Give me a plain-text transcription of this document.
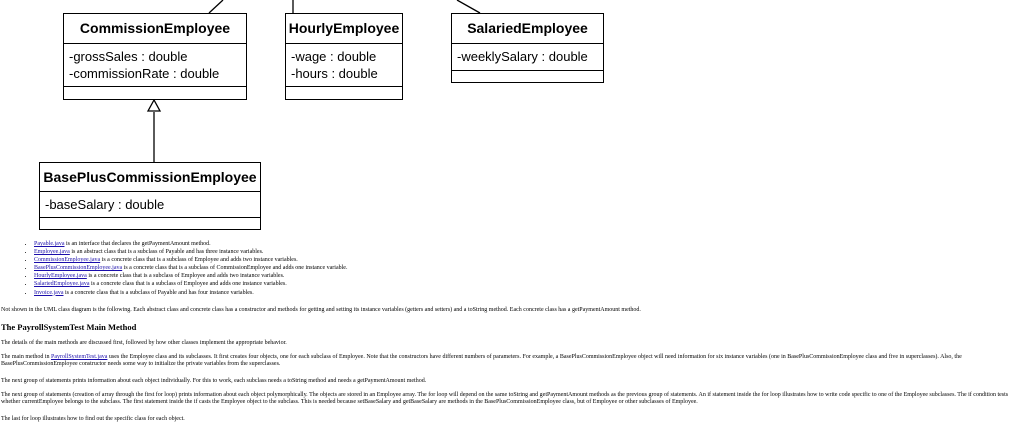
CommissionEmployee
-grossSales : double
-commissionRate : double
HourlyEmployee
-wage : double
-hours : double
SalariedEmployee
-weeklySalary : double
BasePlusCommissionEmployee
-baseSalary : double
• Payable.java is an interface that declares the getPaymentAmount method.
• Employee.java is an abstract class that is a subclass of Payable and has three instance variables.
• CommissionEmployee.java is a concrete class that is a subclass of Employee and adds two instance variables.
• BasePlusCommissionEmployee.java is a concrete class that is a subclass of CommissionEmployee and adds one instance variable.
• HourlyEmployee.java is a concrete class that is a subclass of Employee and adds two instance variables.
• SalariedEmployee.java is a concrete class that is a subclass of Employee and adds one instance variables.
• Invoice.java is a concrete class that is a subclass of Payable and has four instance variables.

Not shown in the UML class diagram is the following. Each abstract class and concrete class has a constructor and methods for getting and setting its instance variables (getters and setters) and a toString method. Each concrete class has a getPaymentAmount method.

The PayrollSystemTest Main Method

The details of the main methods are discussed first, followed by how other classes implement the appropriate behavior.

The main method in PayrollSystemTest.java uses the Employee class and its subclasses. It first creates four objects, one for each subclass of Employee. Note that the constructors have different numbers of parameters. For example, a BasePlusCommissionEmployee object will need information for six instance variables (one in BasePlusCommissionEmployee class and five in superclasses). Also, the BasePlusCommissionEmployee constructor needs some way to initialize the private variables from the superclasses.

The next group of statements prints information about each object individually. For this to work, each subclass needs a toString method and needs a getPaymentAmount method.

The next group of statements (creation of array through the first for loop) prints information about each object polymorphically. The objects are stored in an Employee array. The for loop will depend on the same toString and getPaymentAmount methods as the previous group of statements. An if statement inside the for loop illustrates how to write code specific to one of the Employee subclasses. The if condition tests whether currentEmployee belongs to the subclass. The first statement inside the if casts the Employee object to the subclass. This is needed because setBaseSalary and getBaseSalary are methods in the BasePlusCommissionEmployee class, but of Employee or other subclasses of Employee.

The last for loop illustrates how to find out the specific class for each object.
